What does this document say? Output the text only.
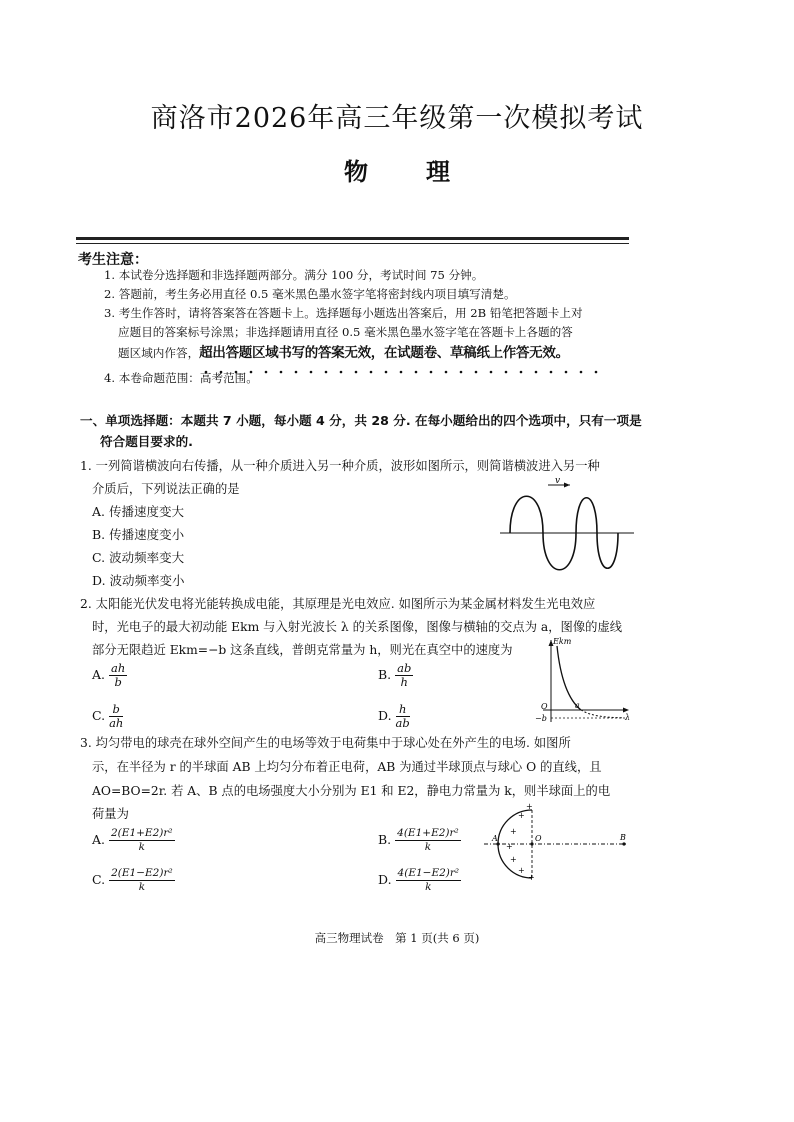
商洛市2026年高三年级第一次模拟考试
物理
考生注意：
1. 本试卷分选择题和非选择题两部分。满分 100 分，考试时间 75 分钟。
2. 答题前，考生务必用直径 0.5 毫米黑色墨水签字笔将密封线内项目填写清楚。
3. 考生作答时，请将答案答在答题卡上。选择题每小题选出答案后，用 2B 铅笔把答题卡上对
应题目的答案标号涂黑；非选择题请用直径 0.5 毫米黑色墨水签字笔在答题卡上各题的答
题区域内作答，超出答题区域书写的答案无效，在试题卷、草稿纸上作答无效。
4. 本卷命题范围：高考范围。
一、单项选择题：本题共 7 小题，每小题 4 分，共 28 分. 在每小题给出的四个选项中，只有一项是
符合题目要求的.
1. 一列简谐横波向右传播，从一种介质进入另一种介质，波形如图所示，则简谐横波进入另一种
介质后，下列说法正确的是
A. 传播速度变大
B. 传播速度变小
C. 波动频率变大
D. 波动频率变小
v
2. 太阳能光伏发电将光能转换成电能，其原理是光电效应. 如图所示为某金属材料发生光电效应
时，光电子的最大初动能 Ekm 与入射光波长 λ 的关系图像，图像与横轴的交点为 a，图像的虚线
部分无限趋近 Ekm=−b 这条直线，普朗克常量为 h，则光在真空中的速度为
A. $\frac{ah}{b}$	B. $\frac{ab}{h}$
C. $\frac{b}{ah}$	D. $\frac{h}{ab}$
Ekm
O
−b
a
λ
3. 均匀带电的球壳在球外空间产生的电场等效于电荷集中于球心处在外产生的电场. 如图所
示，在半径为 r 的半球面 AB 上均匀分布着正电荷，AB 为通过半球顶点与球心 O 的直线，且
AO=BO=2r. 若 A、B 点的电场强度大小分别为 E1 和 E2，静电力常量为 k，则半球面上的电
荷量为
A. $\frac{\text{2(E1+E2)r²}}{k}$	B. $\frac{\text{4(E1+E2)r²}}{k}$
C. $\frac{\text{2(E1−E2)r²}}{k}$	D. $\frac{\text{4(E1−E2)r²}}{k}$
A	O	B
+
+
+
+
+
+
+
高三物理试卷　第 1 页(共 6 页)
